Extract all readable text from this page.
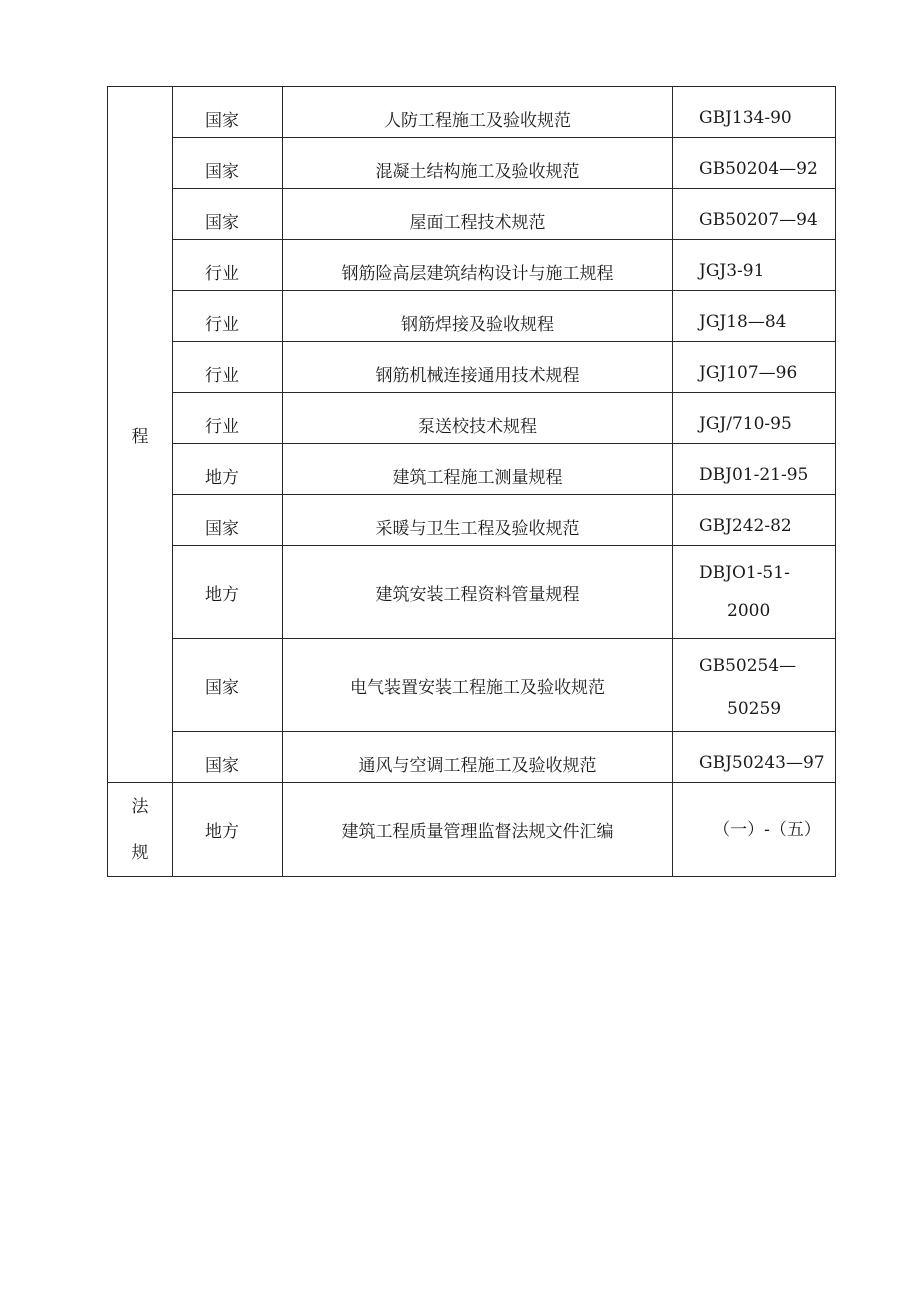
程	国家	人防工程施工及验收规范	GBJ134-90
	国家	混凝土结构施工及验收规范	GB50204—92
	国家	屋面工程技术规范	GB50207—94
	行业	钢筋险高层建筑结构设计与施工规程	JGJ3-91
	行业	钢筋焊接及验收规程	JGJ18—84
	行业	钢筋机械连接通用技术规程	JGJ107—96
	行业	泵送校技术规程	JGJ/710-95
	地方	建筑工程施工测量规程	DBJ01-21-95
	国家	采暖与卫生工程及验收规范	GBJ242-82
	地方	建筑安装工程资料管量规程	DBJO1-51-
2000

	国家	电气装置安装工程施工及验收规范	GB50254—
50259

	国家	通风与空调工程施工及验收规范	GBJ50243—97

法
规	地方	建筑工程质量管理监督法规文件汇编	（一）-（五）
